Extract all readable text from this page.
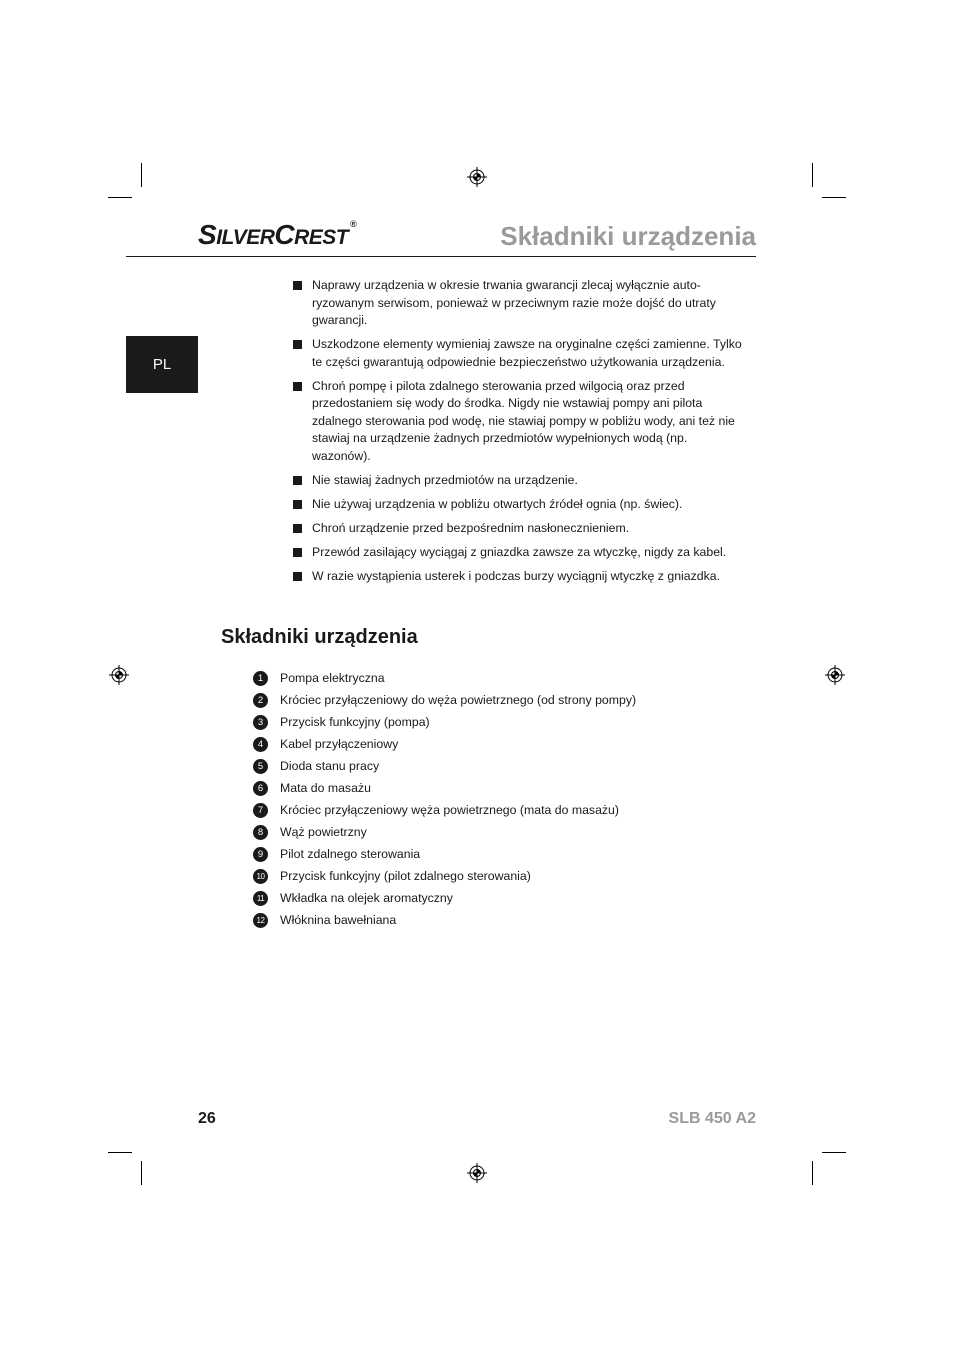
SILVERCREST®	Składniki urządzenia
PL
Naprawy urządzenia w okresie trwania gwarancji zlecaj wyłącznie auto-ryzowanym serwisom, ponieważ w przeciwnym razie może dojść do utraty gwarancji.
Uszkodzone elementy wymieniaj zawsze na oryginalne części zamienne. Tylko te części gwarantują odpowiednie bezpieczeństwo użytkowania urządzenia.
Chroń pompę i pilota zdalnego sterowania przed wilgocią oraz przed przedostaniem się wody do środka. Nigdy nie wstawiaj pompy ani pilota zdalnego sterowania pod wodę, nie stawiaj pompy w pobliżu wody, ani też nie stawiaj na urządzenie żadnych przedmiotów wypełnionych wodą (np. wazonów).
Nie stawiaj żadnych przedmiotów na urządzenie.
Nie używaj urządzenia w pobliżu otwartych źródeł ognia (np. świec).
Chroń urządzenie przed bezpośrednim nasłonecznieniem.
Przewód zasilający wyciągaj z gniazdka zawsze za wtyczkę, nigdy za kabel.
W razie wystąpienia usterek i podczas burzy wyciągnij wtyczkę z gniazdka.
Składniki urządzenia
1	Pompa elektryczna
2	Króciec przyłączeniowy do węża powietrznego (od strony pompy)
3	Przycisk funkcyjny (pompa)
4	Kabel przyłączeniowy
5	Dioda stanu pracy
6	Mata do masażu
7	Króciec przyłączeniowy węża powietrznego (mata do masażu)
8	Wąż powietrzny
9	Pilot zdalnego sterowania
10 Przycisk funkcyjny (pilot zdalnego sterowania)
11	Wkładka na olejek aromatyczny
12 Włóknina bawełniana
26	SLB 450 A2
